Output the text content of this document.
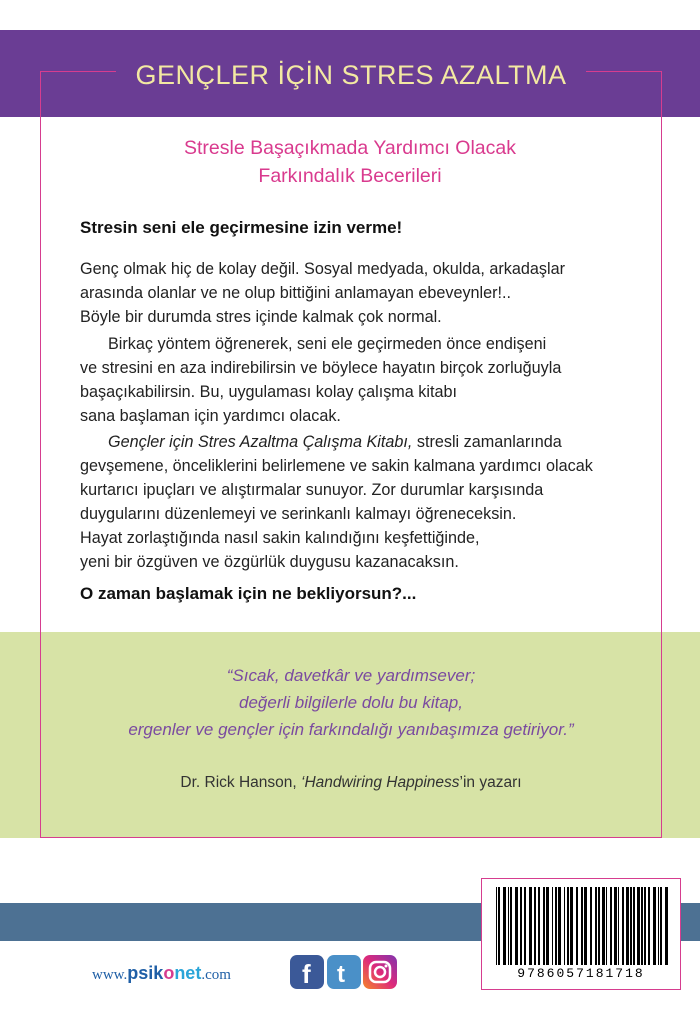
GENÇLER İÇİN STRES AZALTMA
Stresle Başaçıkmada Yardımcı Olacak
Farkındalık Becerileri
Stresin seni ele geçirmesine izin verme!

Genç olmak hiç de kolay değil. Sosyal medyada, okulda, arkadaşlar

arasında olanlar ve ne olup bittiğini anlamayan ebeveynler!..

Böyle bir durumda stres içinde kalmak çok normal.

Birkaç yöntem öğrenerek, seni ele geçirmeden önce endişeni

ve stresini en aza indirebilirsin ve böylece hayatın birçok zorluğuyla

başaçıkabilirsin. Bu, uygulaması kolay çalışma kitabı

sana başlaman için yardımcı olacak.

Gençler için Stres Azaltma Çalışma Kitabı, stresli zamanlarında

gevşemene, önceliklerini belirlemene ve sakin kalmana yardımcı olacak

kurtarıcı ipuçları ve alıştırmalar sunuyor. Zor durumlar karşısında

duygularını düzenlemeyi ve serinkanlı kalmayı öğreneceksin.

Hayat zorlaştığında nasıl sakin kalındığını keşfettiğinde,

yeni bir özgüven ve özgürlük duygusu kazanacaksın.

O zaman başlamak için ne bekliyorsun?...
“Sıcak, davetkâr ve yardımsever;
değerli bilgilerle dolu bu kitap,
ergenler ve gençler için farkındalığı yanıbaşımıza getiriyor.”
Dr. Rick Hanson, ‘Handwiring Happiness’in yazarı
9786057181718
www.psikonet.com	f t
